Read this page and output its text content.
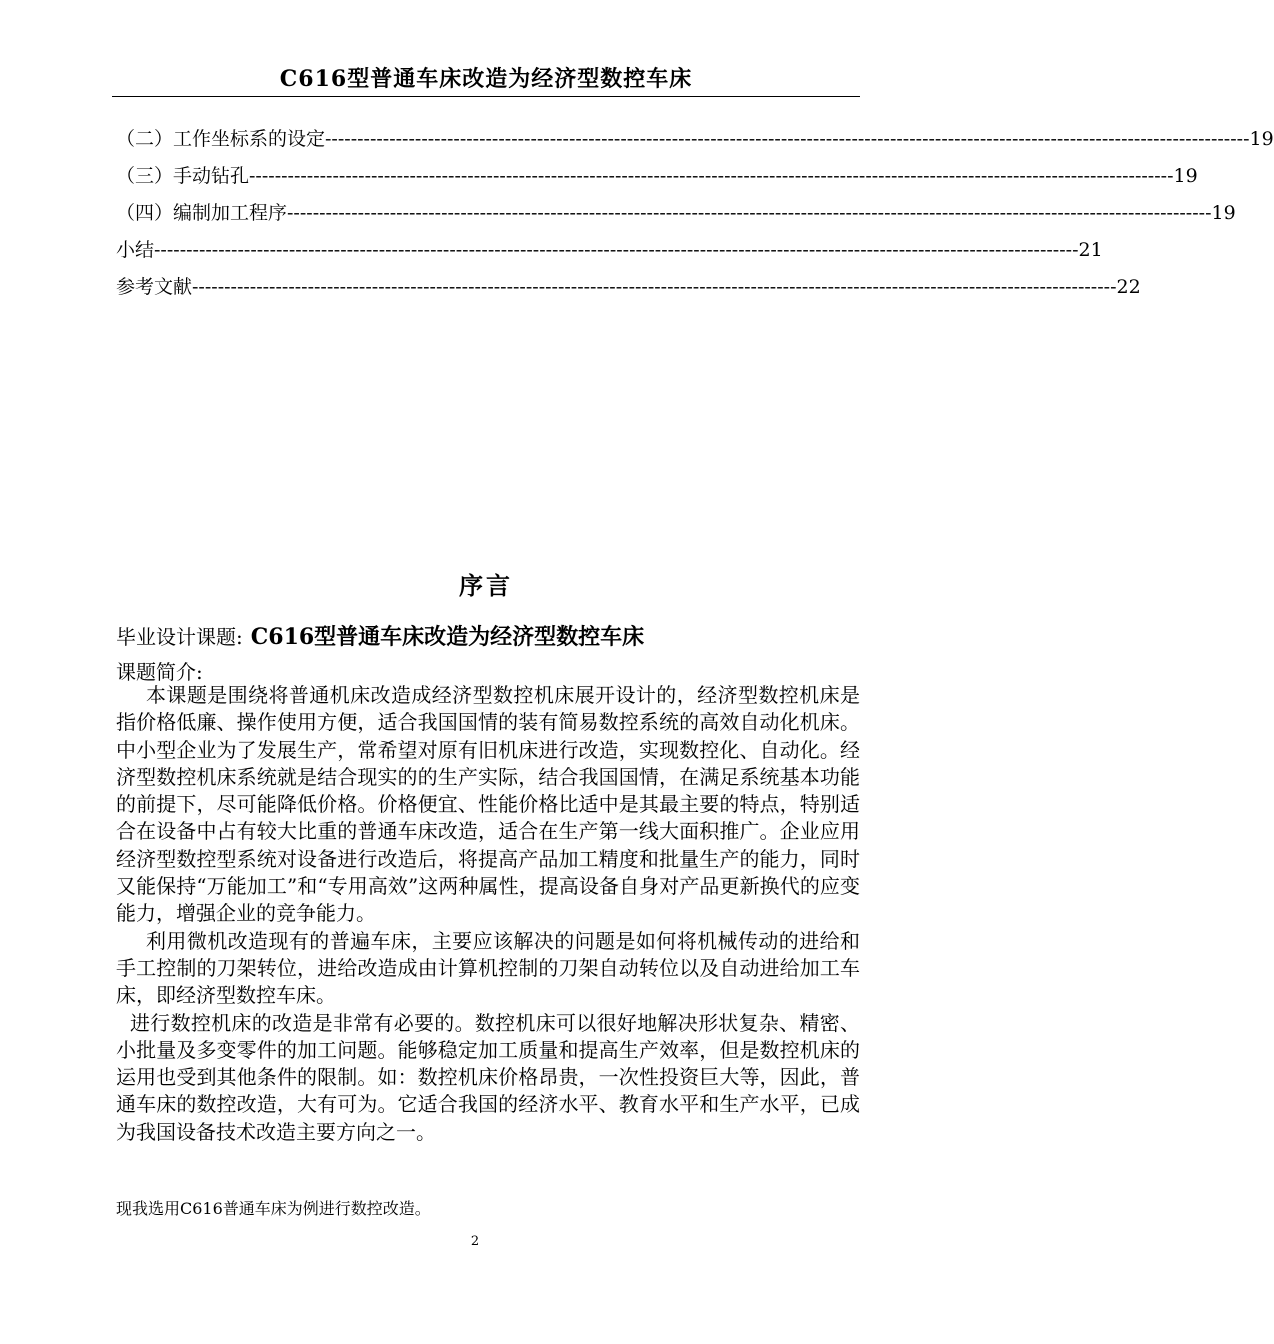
C616型普通车床改造为经济型数控车床
（二）工作坐标系的设定 ------------------------------------------------------------------------------------------------------------------------------------------------ 19
（三）手动钻孔 ------------------------------------------------------------------------------------------------------------------------------------------------ 19
（四）编制加工程序 ------------------------------------------------------------------------------------------------------------------------------------------------ 19
小结 ------------------------------------------------------------------------------------------------------------------------------------------------ 21
参考文献 ------------------------------------------------------------------------------------------------------------------------------------------------ 22
序言
毕业设计课题: C616型普通车床改造为经济型数控车床
课题简介:

本课题是围绕将普通机床改造成经济型数控机床展开设计的，经济型数控机床是指价格低廉、操作使用方便，适合我国国情的装有简易数控系统的高效自动化机床。中小型企业为了发展生产，常希望对原有旧机床进行改造，实现数控化、自动化。经济型数控机床系统就是结合现实的的生产实际，结合我国国情，在满足系统基本功能的前提下，尽可能降低价格。价格便宜、性能价格比适中是其最主要的特点，特别适合在设备中占有较大比重的普通车床改造，适合在生产第一线大面积推广。企业应用经济型数控型系统对设备进行改造后，将提高产品加工精度和批量生产的能力，同时又能保持“万能加工”和“专用高效”这两种属性，提高设备自身对产品更新换代的应变能力，增强企业的竞争能力。

利用微机改造现有的普遍车床，主要应该解决的问题是如何将机械传动的进给和手工控制的刀架转位，进给改造成由计算机控制的刀架自动转位以及自动进给加工车床，即经济型数控车床。

进行数控机床的改造是非常有必要的。数控机床可以很好地解决形状复杂、精密、小批量及多变零件的加工问题。能够稳定加工质量和提高生产效率，但是数控机床的运用也受到其他条件的限制。如：数控机床价格昂贵，一次性投资巨大等，因此，普通车床的数控改造，大有可为。它适合我国的经济水平、教育水平和生产水平，已成为我国设备技术改造主要方向之一。

现我选用C616普通车床为例进行数控改造。
2
